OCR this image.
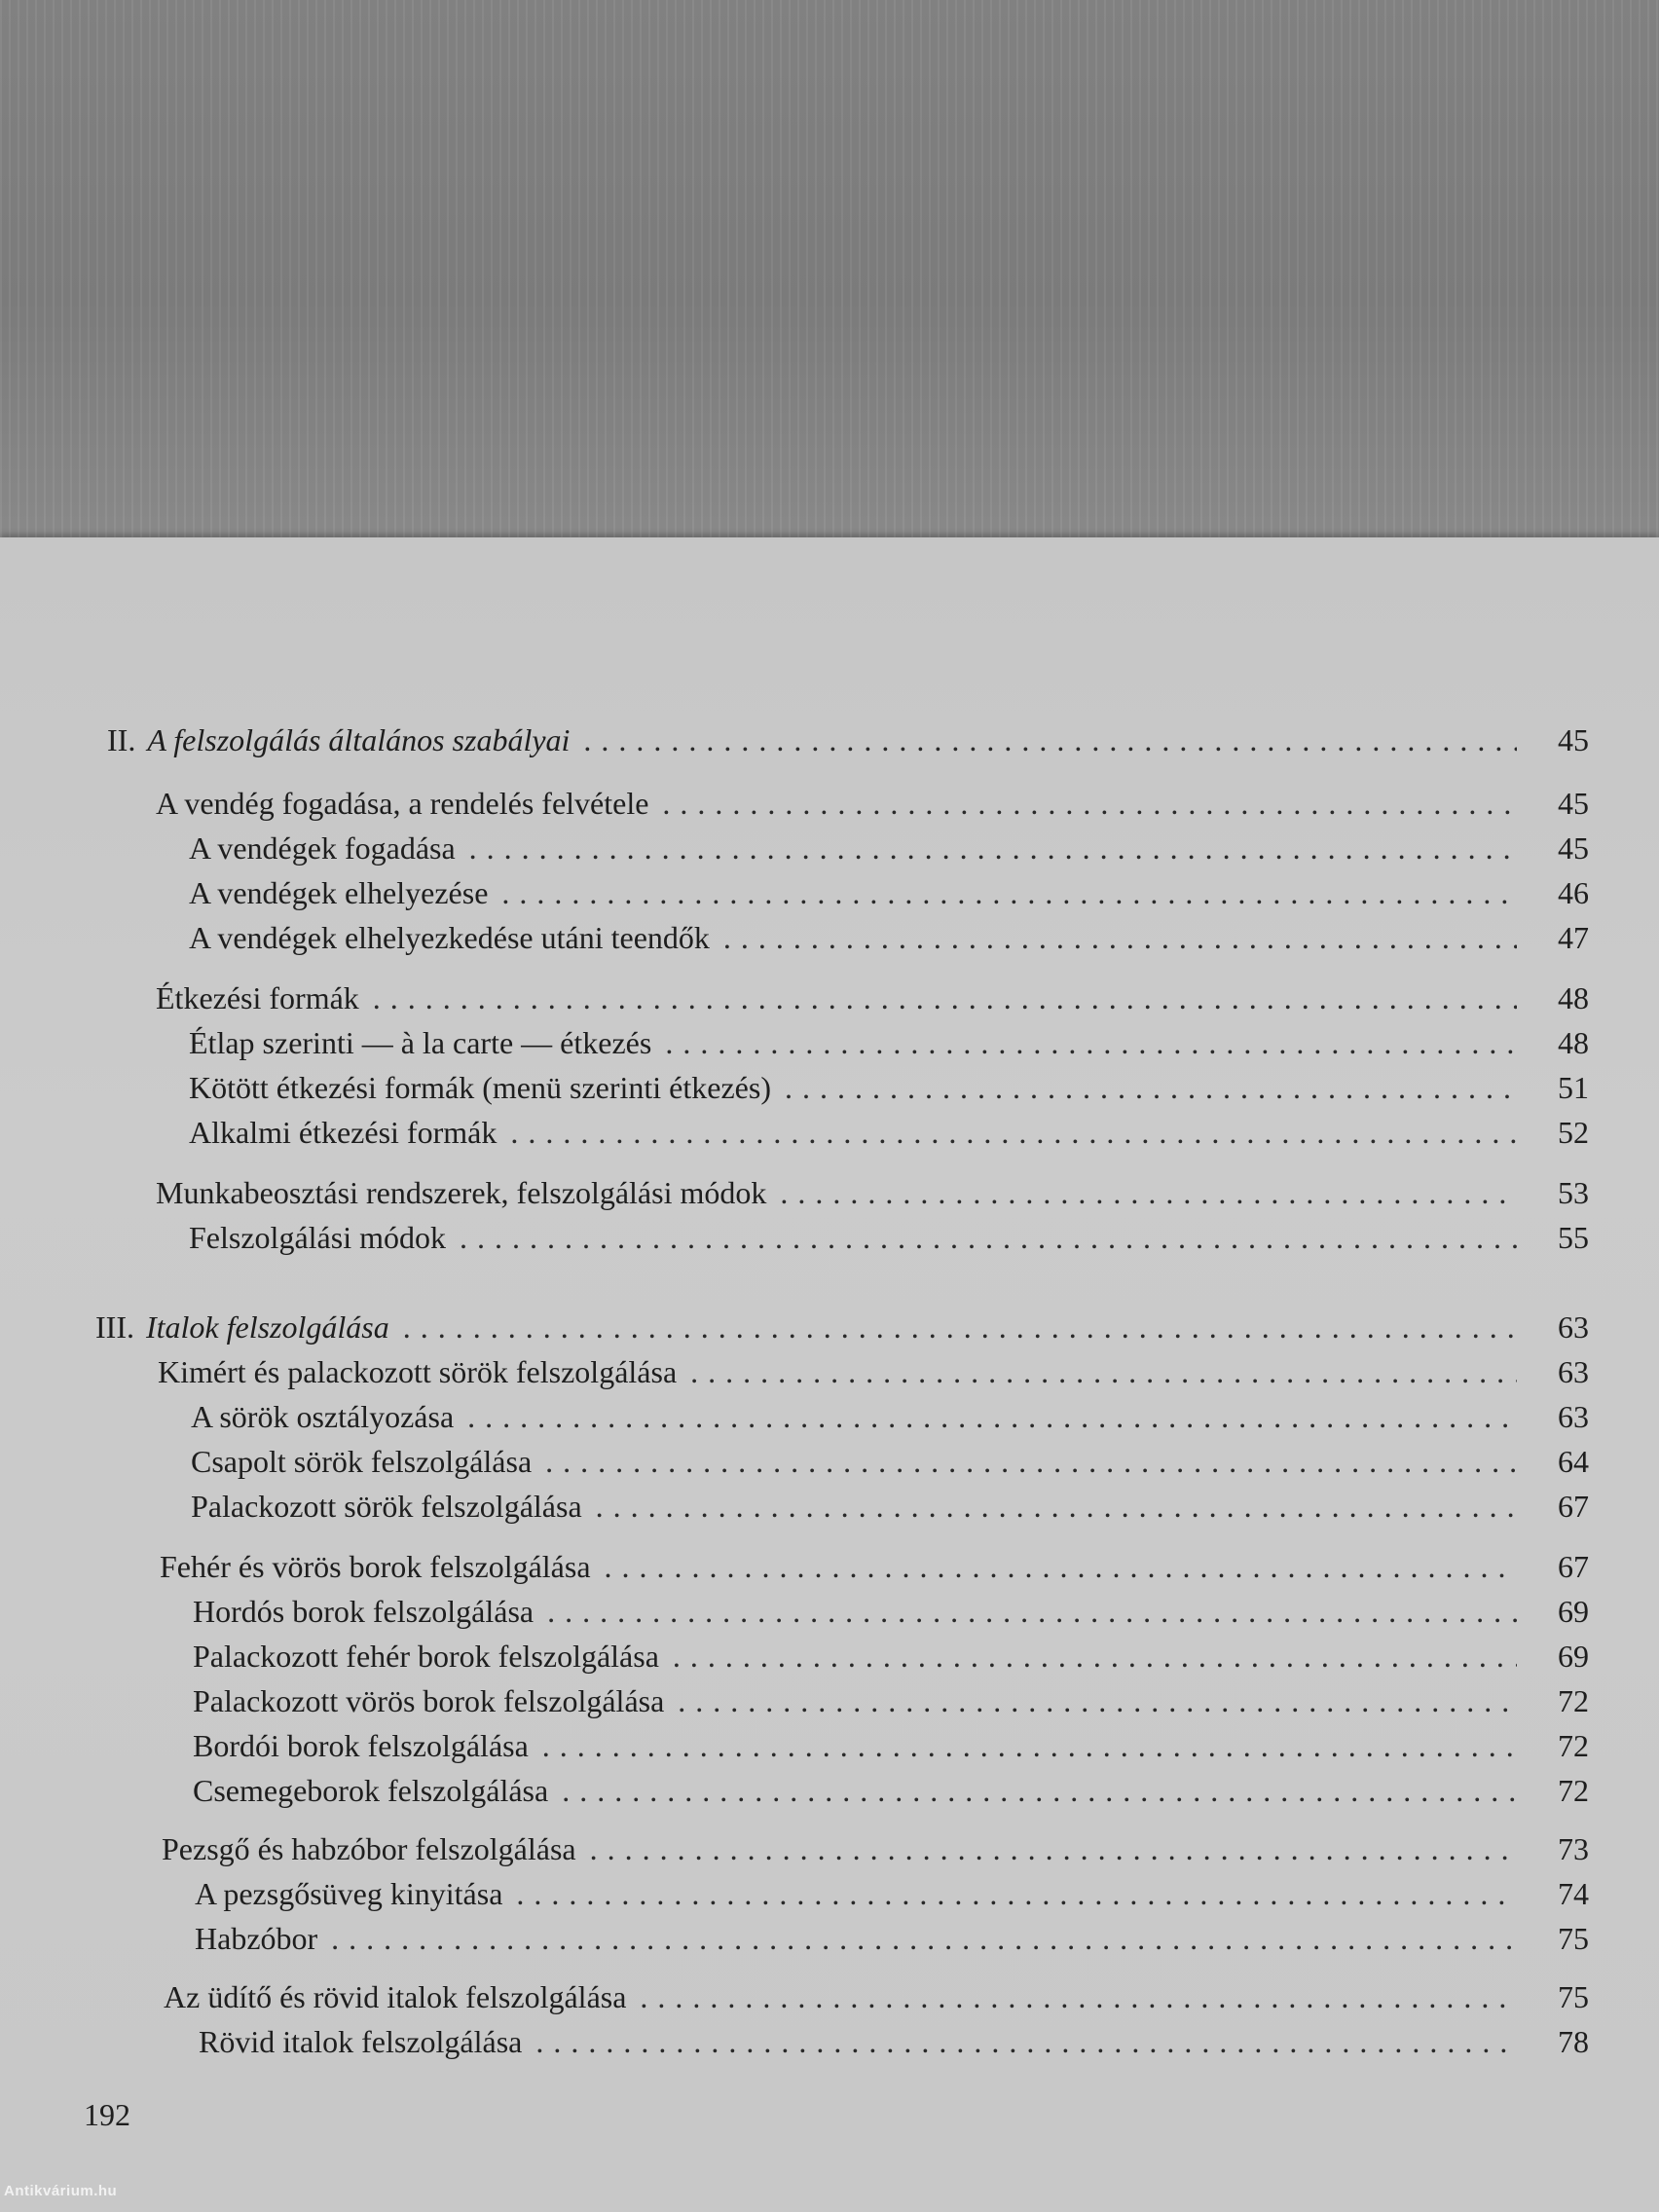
II. A felszolgálás általános szabályai . . .	45
A vendég fogadása, a rendelés felvétele . . .	45
A vendégek fogadása . . .	45
A vendégek elhelyezése . . .	46
A vendégek elhelyezkedése utáni teendők . . .	47
Étkezési formák . . .	48
Étlap szerinti — à la carte — étkezés . . .	48
Kötött étkezési formák (menü szerinti étkezés) . . .	51
Alkalmi étkezési formák . . .	52
Munkabeosztási rendszerek, felszolgálási módok . . .	53
Felszolgálási módok . . .	55
III. Italok felszolgálása . . .	63
Kimért és palackozott sörök felszolgálása . . .	63
A sörök osztályozása . . .	63
Csapolt sörök felszolgálása . . .	64
Palackozott sörök felszolgálása . . .	67
Fehér és vörös borok felszolgálása . . .	67
Hordós borok felszolgálása . . .	69
Palackozott fehér borok felszolgálása . . .	69
Palackozott vörös borok felszolgálása . . .	72
Bordói borok felszolgálása . . .	72
Csemegeborok felszolgálása . . .	72
Pezsgő és habzóbor felszolgálása . . .	73
A pezsgősüveg kinyitása . . .	74
Habzóbor . . .	75
Az üdítő és rövid italok felszolgálása . . .	75
Rövid italok felszolgálása . . .	78
192
Antikvárium.hu
